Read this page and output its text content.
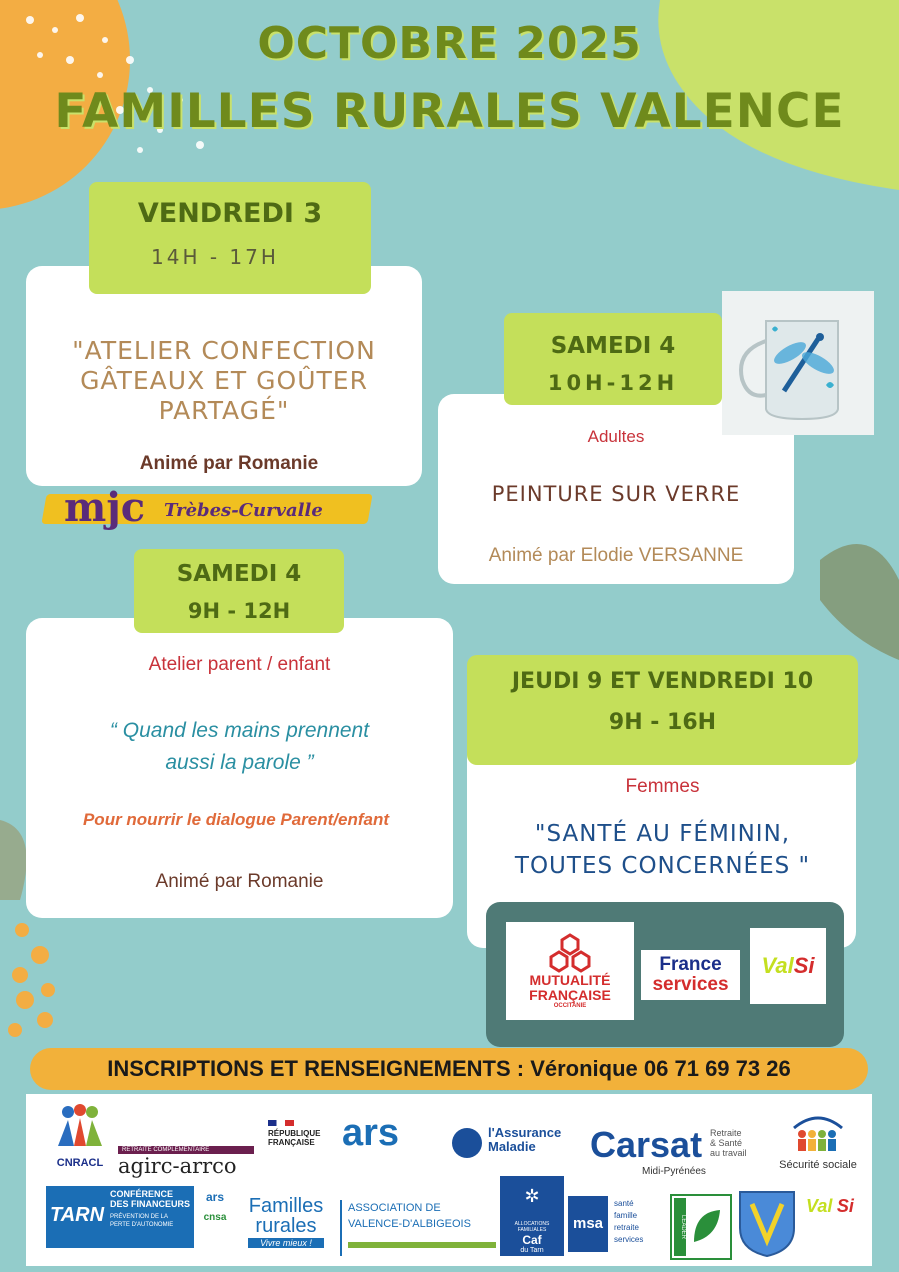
OCTOBRE 2025
FAMILLES RURALES VALENCE
VENDREDI 3
14H - 17H
"ATELIER CONFECTION
GÂTEAUX ET GOÛTER
PARTAGÉ"
Animé par Romanie
mjc Trèbes-Curvalle
SAMEDI 4
10H-12H
Adultes
PEINTURE SUR VERRE
Animé par Elodie VERSANNE
SAMEDI 4
9H - 12H
Atelier parent / enfant
“ Quand les mains prennent
aussi la parole ”
Pour nourrir le dialogue Parent/enfant
Animé par Romanie
JEUDI 9 ET VENDREDI 10
9H - 16H
Femmes
"SANTÉ AU FÉMININ,
TOUTES CONCERNÉES "
MUTUALITÉ
FRANÇAISE
OCCITANIE
France
services
Val Si
INSCRIPTIONS ET RENSEIGNEMENTS : Véronique 06 71 69 73 26
CNRACL
RETRAITE COMPLÉMENTAIRE
agirc-arrco
RÉPUBLIQUE
FRANÇAISE ars	l'Assurance
Maladie	Carsat Retraite
& Santé
au travail
Midi-Pyrénées
Sécurité sociale
TARN
CONFÉRENCE
DES FINANCEURS
PRÉVENTION DE LA
PERTE D'AUTONOMIE
ars
cnsa
Familles
rurales
Vivre mieux !
ASSOCIATION DE
VALENCE-D'ALBIGEOIS
✲
ALLOCATIONS FAMILIALES
Caf
du Tarn
msa
santé
famille
retraite
services
LEADER
Val Si
